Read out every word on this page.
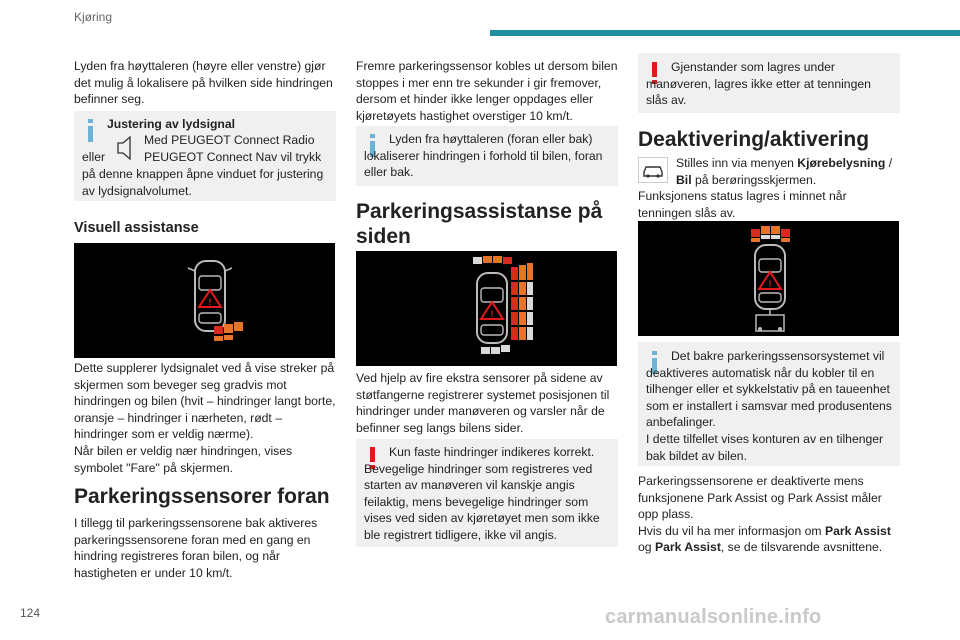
Kjøring

Lyden fra høyttaleren (høyre eller venstre) gjør det mulig å lokalisere på hvilken side hindringen befinner seg.

Justering av lydsignal
Med PEUGEOT Connect Radio
eller	PEUGEOT Connect Nav vil trykk
på denne knappen åpne vinduet for justering av lydsignalvolumet.
Visuell assistanse
!

Dette supplerer lydsignalet ved å vise streker på skjermen som beveger seg gradvis mot hindringen og bilen (hvit – hindringer langt borte, oransje – hindringer i nærheten, rødt – hindringer som er veldig nærme).

Når bilen er veldig nær hindringen, vises symbolet "Fare" på skjermen.

Parkeringssensorer foran

I tillegg til parkeringssensorene bak aktiveres parkeringssensorene foran med en gang en hindring registreres foran bilen, og når hastigheten er under 10 km/t.

Fremre parkeringssensor kobles ut dersom bilen stoppes i mer enn tre sekunder i gir fremover, dersom et hinder ikke lenger oppdages eller kjøretøyets hastighet overstiger 10 km/t.

Lyden fra høyttaleren (foran eller bak) lokaliserer hindringen i forhold til bilen, foran eller bak.
Parkeringsassistanse på siden
!

Ved hjelp av fire ekstra sensorer på sidene av støtfangerne registrerer systemet posisjonen til hindringer under manøveren og varsler når de befinner seg langs bilens sider.

Kun faste hindringer indikeres korrekt. Bevegelige hindringer som registreres ved starten av manøveren vil kanskje angis feilaktig, mens bevegelige hindringer som vises ved siden av kjøretøyet men som ikke ble registrert tidligere, ikke vil angis.
Gjenstander som lagres under manøveren, lagres ikke etter at tenningen slås av.
Deaktivering/aktivering
Stilles inn via menyen Kjørebelysning / Bil på berøringsskjermen.

Funksjonens status lagres i minnet når tenningen slås av.

!
Det bakre parkeringssensorsystemet vil deaktiveres automatisk når du kobler til en tilhenger eller et sykkelstativ på en taueenhet som er installert i samsvar med produsentens anbefalinger.
I dette tilfellet vises konturen av en tilhenger bak bildet av bilen.

Parkeringssensorene er deaktiverte mens funksjonene Park Assist og Park Assist måler opp plass.

Hvis du vil ha mer informasjon om Park Assist
og Park Assist, se de tilsvarende avsnittene.

124	carmanualsonline.info
